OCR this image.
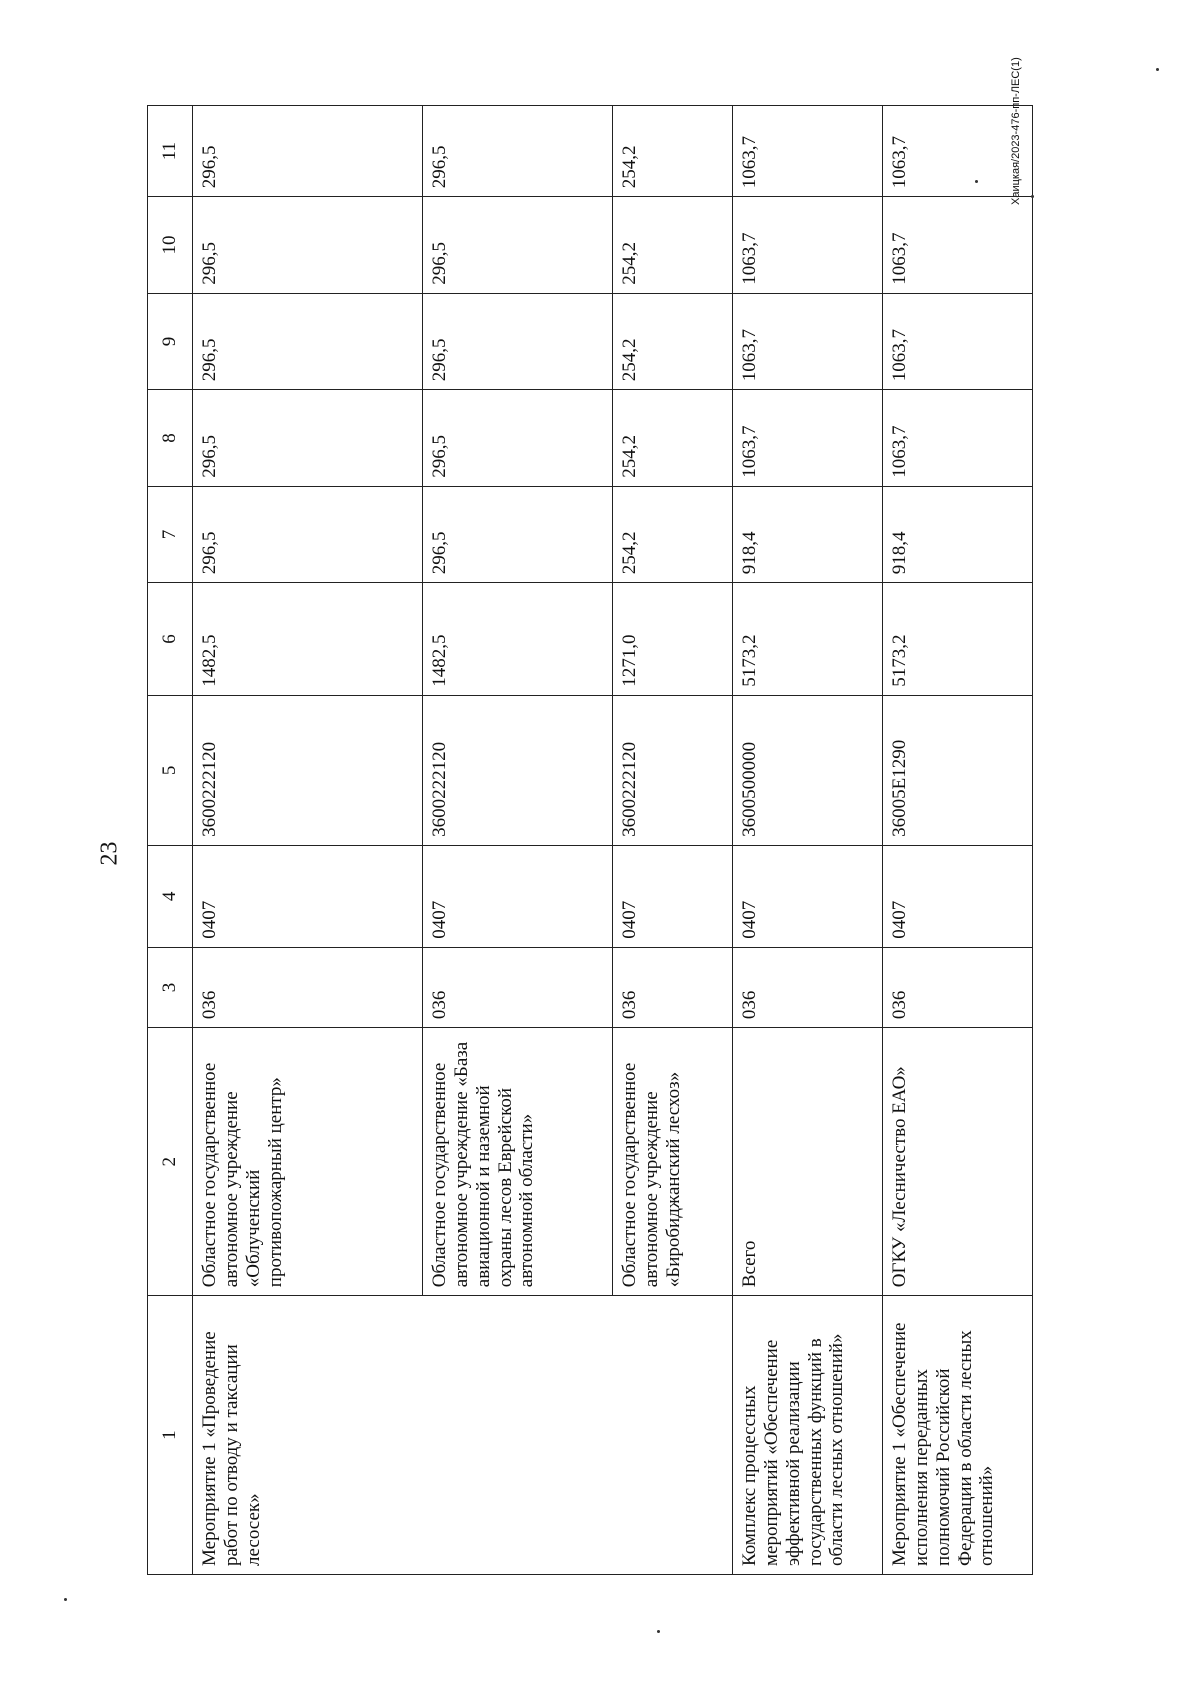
23
Хаицкая/2023-476-пп-ЛЕС(1)
1	2	3	4	5	6	7	8	9	10	11
Мероприятие 1 «Проведение работ по отводу и таксации лесосек»	Областное государственное автономное учреждение «Облученский противопожарный центр»	036	0407	3600222120	1482,5	296,5	296,5	296,5	296,5	296,5
	Областное государственное автономное учреждение «База авиационной и наземной охраны лесов Еврейской автономной области»	036	0407	3600222120	1482,5	296,5	296,5	296,5	296,5	296,5
	Областное государственное автономное учреждение «Биробиджанский лесхоз»	036	0407	3600222120	1271,0	254,2	254,2	254,2	254,2	254,2
Комплекс процессных мероприятий «Обеспечение эффективной реализации государственных функций в области лесных отношений»	Всего	036	0407	3600500000	5173,2	918,4	1063,7	1063,7	1063,7	1063,7
Мероприятие 1 «Обеспечение исполнения переданных полномочий Российской Федерации в области лесных отношений»	ОГКУ «Лесничество ЕАО»	036	0407	36005Е1290	5173,2	918,4	1063,7	1063,7	1063,7	1063,7
